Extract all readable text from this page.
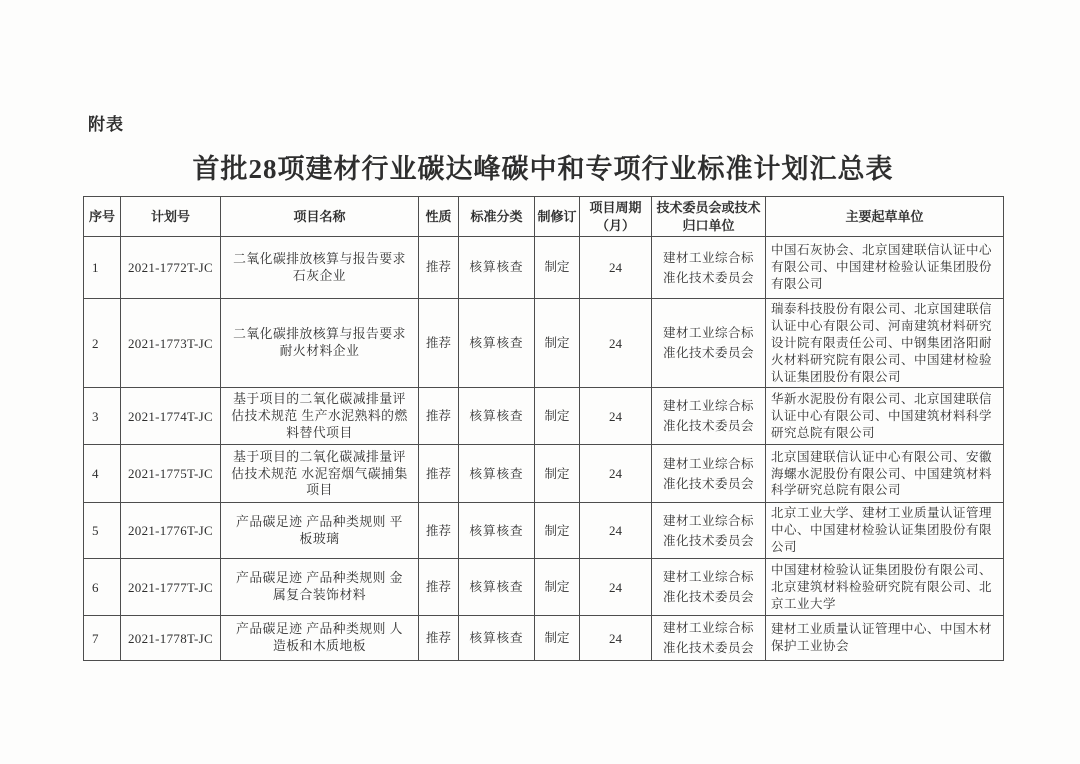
附表
首批28项建材行业碳达峰碳中和专项行业标准计划汇总表
序号	计划号	项目名称	性质	标准分类	制修订	项目周期（月）	技术委员会或技术归口单位	主要起草单位
1	2021-1772T-JC	二氧化碳排放核算与报告要求 石灰企业	推荐	核算核查	制定	24	建材工业综合标准化技术委员会	中国石灰协会、北京国建联信认证中心有限公司、中国建材检验认证集团股份有限公司
2	2021-1773T-JC	二氧化碳排放核算与报告要求 耐火材料企业	推荐	核算核查	制定	24	建材工业综合标准化技术委员会	瑞泰科技股份有限公司、北京国建联信认证中心有限公司、河南建筑材料研究设计院有限责任公司、中钢集团洛阳耐火材料研究院有限公司、中国建材检验认证集团股份有限公司
3	2021-1774T-JC	基于项目的二氧化碳减排量评估技术规范 生产水泥熟料的燃料替代项目	推荐	核算核查	制定	24	建材工业综合标准化技术委员会	华新水泥股份有限公司、北京国建联信认证中心有限公司、中国建筑材料科学研究总院有限公司
4	2021-1775T-JC	基于项目的二氧化碳减排量评估技术规范 水泥窑烟气碳捕集项目	推荐	核算核查	制定	24	建材工业综合标准化技术委员会	北京国建联信认证中心有限公司、安徽海螺水泥股份有限公司、中国建筑材料科学研究总院有限公司
5	2021-1776T-JC	产品碳足迹 产品种类规则 平板玻璃	推荐	核算核查	制定	24	建材工业综合标准化技术委员会	北京工业大学、建材工业质量认证管理中心、中国建材检验认证集团股份有限公司
6	2021-1777T-JC	产品碳足迹 产品种类规则 金属复合装饰材料	推荐	核算核查	制定	24	建材工业综合标准化技术委员会	中国建材检验认证集团股份有限公司、北京建筑材料检验研究院有限公司、北京工业大学
7	2021-1778T-JC	产品碳足迹 产品种类规则 人造板和木质地板	推荐	核算核查	制定	24	建材工业综合标准化技术委员会	建材工业质量认证管理中心、中国木材保护工业协会
